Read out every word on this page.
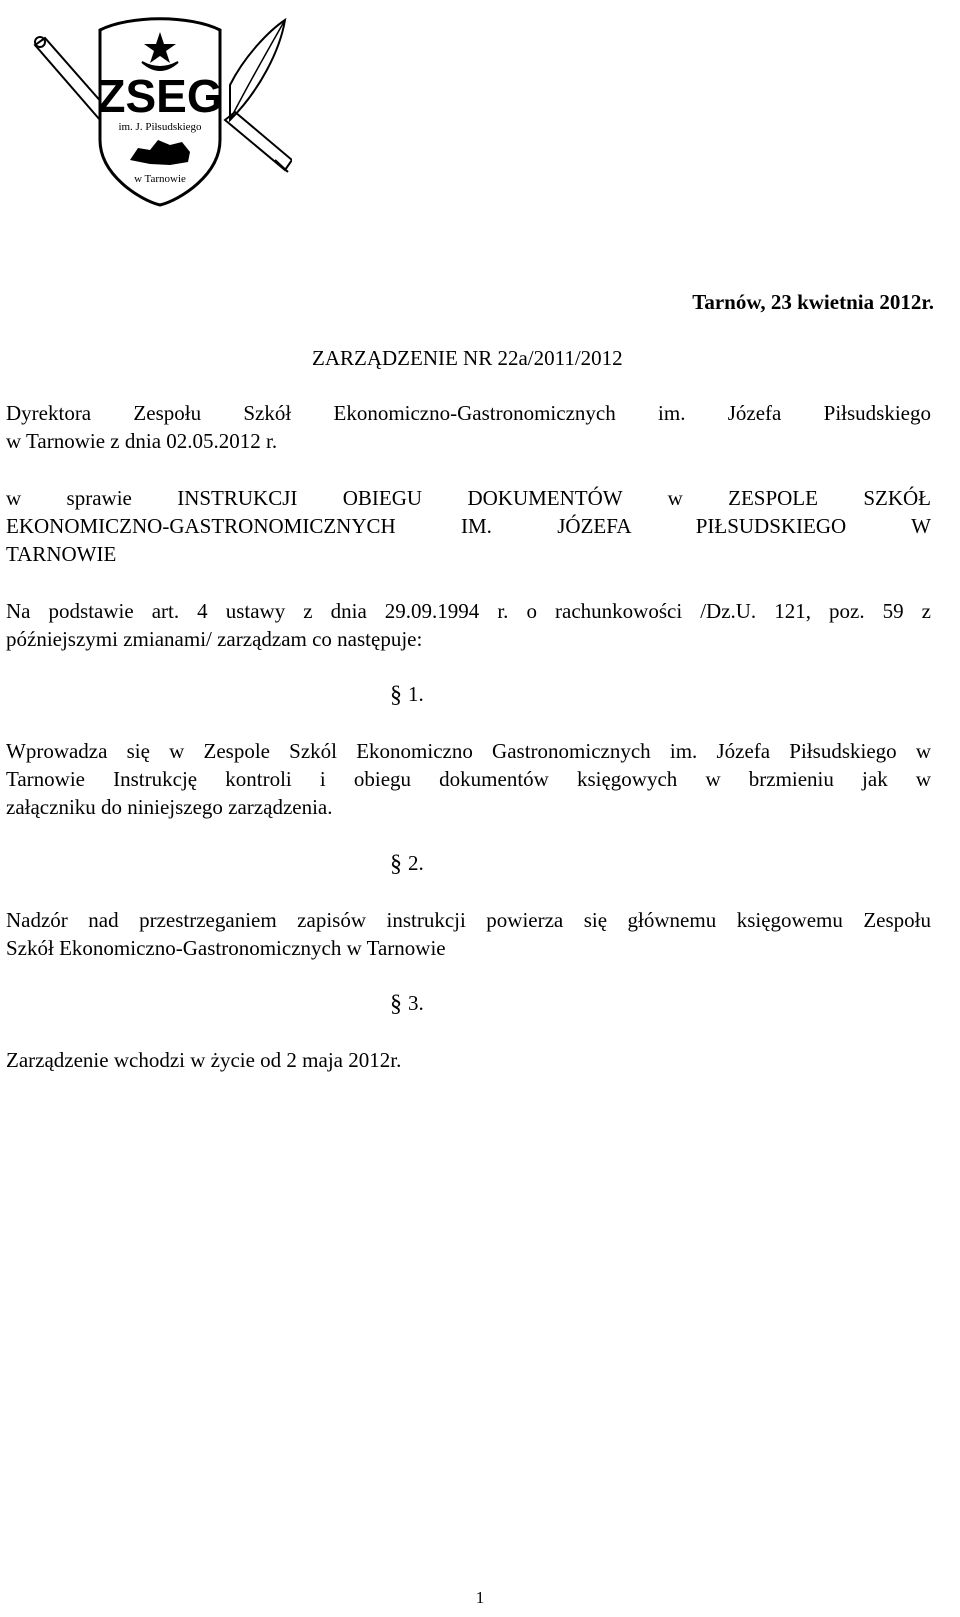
ZSEG
im. J. Piłsudskiego
w Tarnowie
Tarnów, 23 kwietnia 2012r.
ZARZĄDZENIE NR 22a/2011/2012
Dyrektora Zespołu Szkół Ekonomiczno-Gastronomicznych im. Józefa Piłsudskiego
w Tarnowie z dnia 02.05.2012 r.
w sprawie INSTRUKCJI OBIEGU DOKUMENTÓW w ZESPOLE SZKÓŁ
EKONOMICZNO-GASTRONOMICZNYCH IM. JÓZEFA PIŁSUDSKIEGO W
TARNOWIE
Na podstawie art. 4 ustawy z dnia 29.09.1994 r. o rachunkowości /Dz.U. 121, poz. 59 z
późniejszymi zmianami/ zarządzam co następuje:
§ 1.
Wprowadza się w Zespole Szkól Ekonomiczno Gastronomicznych im. Józefa Piłsudskiego w
Tarnowie Instrukcję kontroli i obiegu dokumentów księgowych w brzmieniu jak w
załączniku do niniejszego zarządzenia.
§ 2.
Nadzór nad przestrzeganiem zapisów instrukcji powierza się głównemu księgowemu Zespołu
Szkół Ekonomiczno-Gastronomicznych w Tarnowie
§ 3.
Zarządzenie wchodzi w życie od 2 maja 2012r.
1
